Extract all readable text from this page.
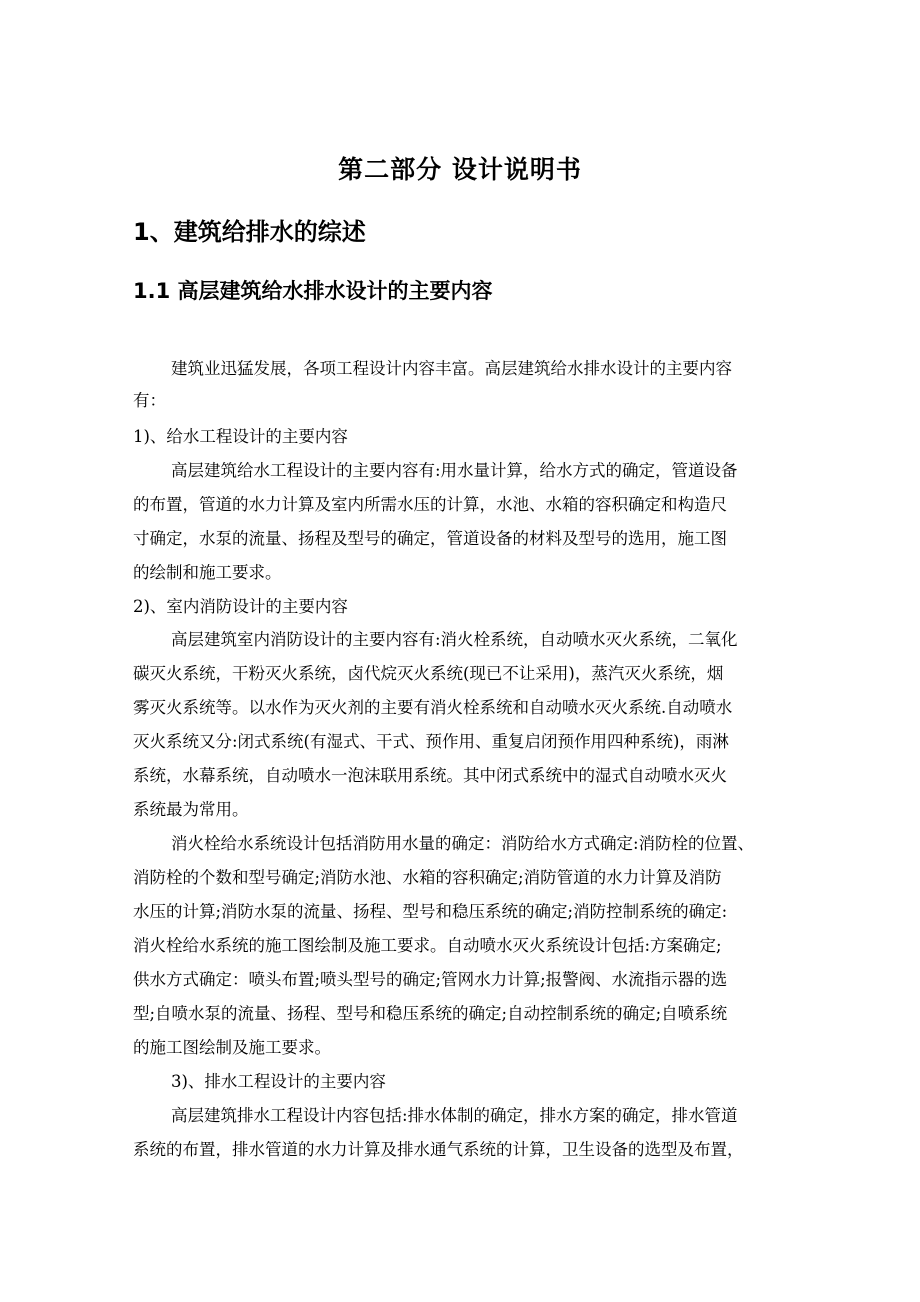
第二部分 设计说明书
1、建筑给排水的综述
1.1 高层建筑给水排水设计的主要内容
建筑业迅猛发展，各项工程设计内容丰富。高层建筑给水排水设计的主要内容
有：
1)、给水工程设计的主要内容
高层建筑给水工程设计的主要内容有:用水量计算，给水方式的确定，管道设备
的布置，管道的水力计算及室内所需水压的计算，水池、水箱的容积确定和构造尺
寸确定，水泵的流量、扬程及型号的确定，管道设备的材料及型号的选用，施工图
的绘制和施工要求。
2)、室内消防设计的主要内容
高层建筑室内消防设计的主要内容有:消火栓系统，自动喷水灭火系统，二氧化
碳灭火系统，干粉灭火系统，卤代烷灭火系统(现已不让采用)，蒸汽灭火系统，烟
雾灭火系统等。以水作为灭火剂的主要有消火栓系统和自动喷水灭火系统.自动喷水
灭火系统又分:闭式系统(有湿式、干式、预作用、重复启闭预作用四种系统)，雨淋
系统，水幕系统，自动喷水一泡沫联用系统。其中闭式系统中的湿式自动喷水灭火
系统最为常用。
消火栓给水系统设计包括消防用水量的确定：消防给水方式确定:消防栓的位置、
消防栓的个数和型号确定;消防水池、水箱的容积确定;消防管道的水力计算及消防
水压的计算;消防水泵的流量、扬程、型号和稳压系统的确定;消防控制系统的确定:
消火栓给水系统的施工图绘制及施工要求。自动喷水灭火系统设计包括:方案确定;
供水方式确定：喷头布置;喷头型号的确定;管网水力计算;报警阀、水流指示器的选
型;自喷水泵的流量、扬程、型号和稳压系统的确定;自动控制系统的确定;自喷系统
的施工图绘制及施工要求。
3)、排水工程设计的主要内容
高层建筑排水工程设计内容包括:排水体制的确定，排水方案的确定，排水管道
系统的布置，排水管道的水力计算及排水通气系统的计算，卫生设备的选型及布置，
